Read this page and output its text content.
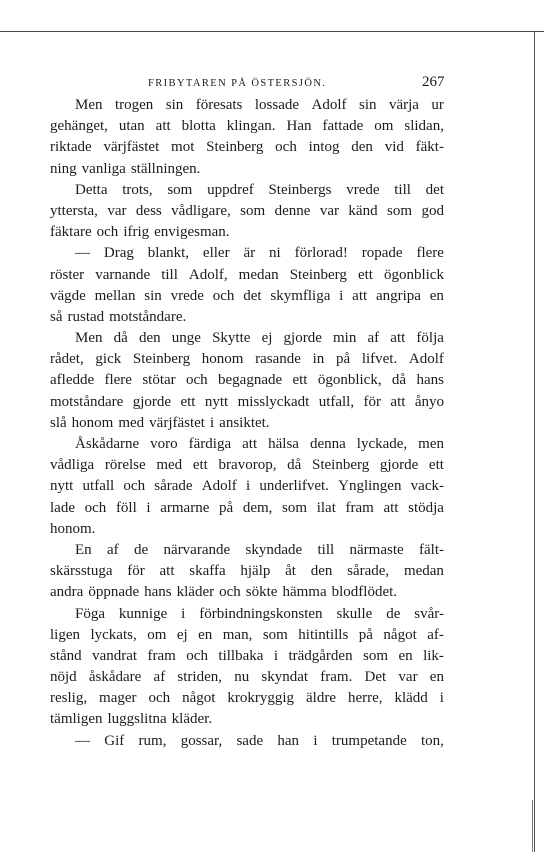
FRIBYTAREN PÅ ÖSTERSJÖN.	267
Men trogen sin föresats lossade Adolf sin värja ur
gehänget, utan att blotta klingan. Han fattade om slidan,
riktade värjfästet mot Steinberg och intog den vid fäkt-
ning vanliga ställningen.
Detta trots, som uppdref Steinbergs vrede till det
yttersta, var dess vådligare, som denne var känd som god
fäktare och ifrig envigesman.
— Drag blankt, eller är ni förlorad! ropade flere
röster varnande till Adolf, medan Steinberg ett ögonblick
vägde mellan sin vrede och det skymfliga i att angripa en
så rustad motståndare.
Men då den unge Skytte ej gjorde min af att följa
rådet, gick Steinberg honom rasande in på lifvet. Adolf
afledde flere stötar och begagnade ett ögonblick, då hans
motståndare gjorde ett nytt misslyckadt utfall, för att ånyo
slå honom med värjfästet i ansiktet.
Åskådarne voro färdiga att hälsa denna lyckade, men
vådliga rörelse med ett bravorop, då Steinberg gjorde ett
nytt utfall och sårade Adolf i underlifvet. Ynglingen vack-
lade och föll i armarne på dem, som ilat fram att stödja
honom.
En af de närvarande skyndade till närmaste fält-
skärsstuga för att skaffa hjälp åt den sårade, medan
andra öppnade hans kläder och sökte hämma blodflödet.
Föga kunnige i förbindningskonsten skulle de svår-
ligen lyckats, om ej en man, som hitintills på något af-
stånd vandrat fram och tillbaka i trädgården som en lik-
nöjd åskådare af striden, nu skyndat fram. Det var en
reslig, mager och något krokryggig äldre herre, klädd i
tämligen luggslitna kläder.
— Gif rum, gossar, sade han i trumpetande ton,
